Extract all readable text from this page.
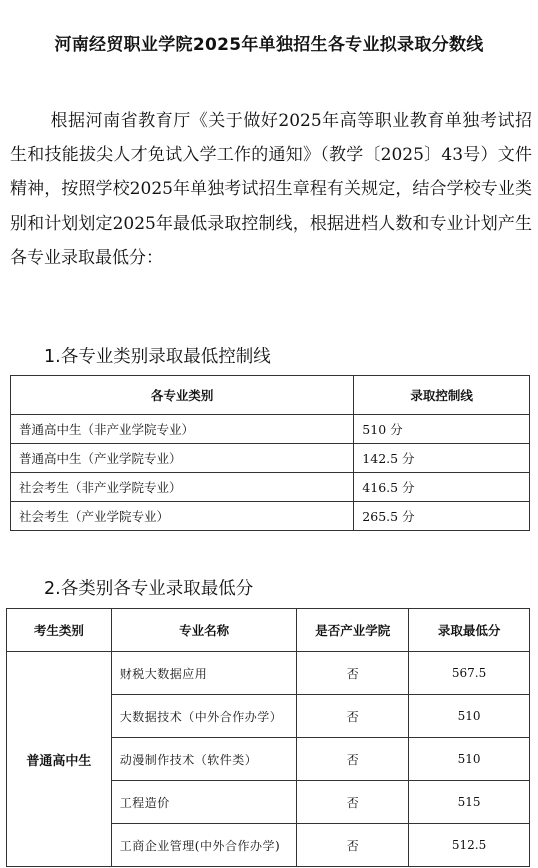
河南经贸职业学院2025年单独招生各专业拟录取分数线
根据河南省教育厅《关于做好2025年高等职业教育单独考试招生和技能拔尖人才免试入学工作的通知》（教学〔2025〕43号）文件精神，按照学校2025年单独考试招生章程有关规定，结合学校专业类别和计划划定2025年最低录取控制线，根据进档人数和专业计划产生各专业录取最低分：
1.各专业类别录取最低控制线
各专业类别	录取控制线
普通高中生（非产业学院专业）	510 分
普通高中生（产业学院专业）	142.5 分
社会考生（非产业学院专业）	416.5 分
社会考生（产业学院专业）	265.5 分
2.各类别各专业录取最低分
考生类别	专业名称	是否产业学院	录取最低分
普通高中生	财税大数据应用	否	567.5
	大数据技术（中外合作办学）	否	510
	动漫制作技术（软件类）	否	510
	工程造价	否	515
	工商企业管理(中外合作办学)	否	512.5
